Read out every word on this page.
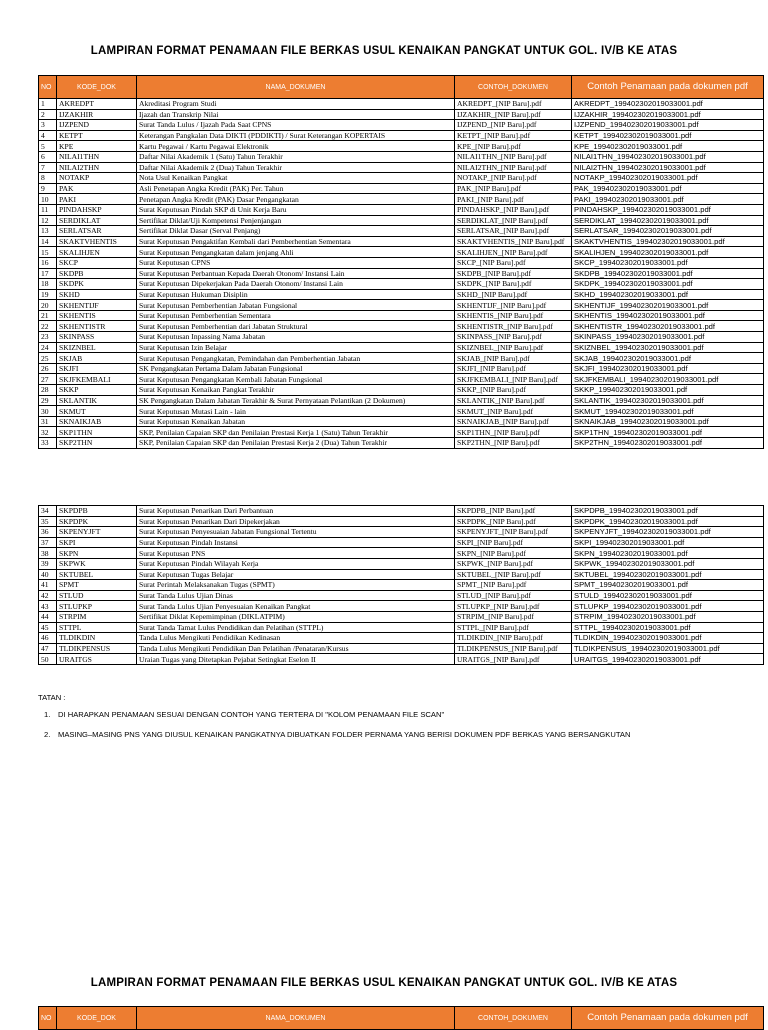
LAMPIRAN FORMAT PENAMAAN FILE BERKAS USUL KENAIKAN PANGKAT UNTUK GOL. IV/B KE ATAS
NO	KODE_DOK	NAMA_DOKUMEN	CONTOH_DOKUMEN	Contoh Penamaan pada dokumen pdf
1	AKREDPT	Akreditasi Program Studi	AKREDPT_[NIP Baru].pdf	AKREDPT_199402302019033001.pdf
2	IJZAKHIR	Ijazah dan Transkrip Nilai	IJZAKHIR_[NIP Baru].pdf	IJZAKHIR_199402302019033001.pdf
3	IJZPEND	Surat Tanda Lulus / Ijazah Pada Saat CPNS	IJZPEND_[NIP Baru].pdf	IJZPEND_199402302019033001.pdf
4	KETPT	Keterangan Pangkalan Data DIKTI (PDDIKTI) / Surat Keterangan KOPERTAIS	KETPT_[NIP Baru].pdf	KETPT_199402302019033001.pdf
5	KPE	Kartu Pegawai / Kartu Pegawai Elektronik	KPE_[NIP Baru].pdf	KPE_199402302019033001.pdf
6	NILAI1THN	Daftar Nilai Akademik 1 (Satu) Tahun Terakhir	NILAI1THN_[NIP Baru].pdf	NILAI1THN_199402302019033001.pdf
7	NILAI2THN	Daftar Nilai Akademik 2 (Dua) Tahun Terakhir	NILAI2THN_[NIP Baru].pdf	NILAI2THN_199402302019033001.pdf
8	NOTAKP	Nota Usul Kenaikan Pangkat	NOTAKP_[NIP Baru].pdf	NOTAKP_199402302019033001.pdf
9	PAK	Asli Penetapan Angka Kredit (PAK) Per. Tahun	PAK_[NIP Baru].pdf	PAK_199402302019033001.pdf
10	PAKI	Penetapan Angka Kredit (PAK) Dasar Pengangkatan	PAKI_[NIP Baru].pdf	PAKI_199402302019033001.pdf
11	PINDAHSKP	Surat Keputusan Pindah SKP di Unit Kerja Baru	PINDAHSKP_[NIP Baru].pdf	PINDAHSKP_199402302019033001.pdf
12	SERDIKLAT	Sertifikat Diklat/Uji Kompetensi Penjenjangan	SERDIKLAT_[NIP Baru].pdf	SERDIKLAT_199402302019033001.pdf
13	SERLATSAR	Sertifikat Diklat Dasar (Serval Penjang)	SERLATSAR_[NIP Baru].pdf	SERLATSAR_199402302019033001.pdf
14	SKAKTVHENTIS	Surat Keputusan Pengaktifan Kembali dari Pemberhentian Sementara	SKAKTVHENTIS_[NIP Baru].pdf	SKAKTVHENTIS_199402302019033001.pdf
15	SKALIHJEN	Surat Keputusan Pengangkatan dalam jenjang Ahli	SKALIHJEN_[NIP Baru].pdf	SKALIHJEN_199402302019033001.pdf
16	SKCP	Surat Keputusan CPNS	SKCP_[NIP Baru].pdf	SKCP_199402302019033001.pdf
17	SKDPB	Surat Keputusan Perbantuan Kepada Daerah Otonom/ Instansi Lain	SKDPB_[NIP Baru].pdf	SKDPB_199402302019033001.pdf
18	SKDPK	Surat Keputusan Dipekerjakan Pada Daerah Otonom/ Instansi Lain	SKDPK_[NIP Baru].pdf	SKDPK_199402302019033001.pdf
19	SKHD	Surat Keputusan Hukuman Disiplin	SKHD_[NIP Baru].pdf	SKHD_199402302019033001.pdf
20	SKHENTIJF	Surat Keputusan Pemberhentian Jabatan Fungsional	SKHENTIJF_[NIP Baru].pdf	SKHENTIJF_199402302019033001.pdf
21	SKHENTIS	Surat Keputusan Pemberhentian Sementara	SKHENTIS_[NIP Baru].pdf	SKHENTIS_199402302019033001.pdf
22	SKHENTISTR	Surat Keputusan Pemberhentian dari Jabatan Struktural	SKHENTISTR_[NIP Baru].pdf	SKHENTISTR_199402302019033001.pdf
23	SKINPASS	Surat Keputusan Inpassing Nama Jabatan	SKINPASS_[NIP Baru].pdf	SKINPASS_199402302019033001.pdf
24	SKIZNBEL	Surat Keputusan Izin Belajar	SKIZNBEL_[NIP Baru].pdf	SKIZNBEL_199402302019033001.pdf
25	SKJAB	Surat Keputusan Pengangkatan, Pemindahan dan Pemberhentian Jabatan	SKJAB_[NIP Baru].pdf	SKJAB_199402302019033001.pdf
26	SKJFI	SK Pengangkatan Pertama Dalam Jabatan Fungsional	SKJFI_[NIP Baru].pdf	SKJFI_199402302019033001.pdf
27	SKJFKEMBALI	Surat Keputusan Pengangkatan Kembali Jabatan Fungsional	SKJFKEMBALI_[NIP Baru].pdf	SKJFKEMBALI_199402302019033001.pdf
28	SKKP	Surat Keputusan Kenaikan Pangkat Terakhir	SKKP_[NIP Baru].pdf	SKKP_199402302019033001.pdf
29	SKLANTIK	SK Pengangkatan Dalam Jabatan Terakhir & Surat Pernyataan Pelantikan (2 Dokumen)	SKLANTIK_[NIP Baru].pdf	SKLANTIK_199402302019033001.pdf
30	SKMUT	Surat Keputusan Mutasi Lain - lain	SKMUT_[NIP Baru].pdf	SKMUT_199402302019033001.pdf
31	SKNAIKJAB	Surat Keputusan Kenaikan Jabatan	SKNAIKJAB_[NIP Baru].pdf	SKNAIKJAB_199402302019033001.pdf
32	SKP1THN	SKP, Penilaian Capaian SKP dan Penilaian Prestasi Kerja 1 (Satu) Tahun Terakhir	SKP1THN_[NIP Baru].pdf	SKP1THN_199402302019033001.pdf
33	SKP2THN	SKP, Penilaian Capaian SKP dan Penilaian Prestasi Kerja 2 (Dua) Tahun Terakhir	SKP2THN_[NIP Baru].pdf	SKP2THN_199402302019033001.pdf
34	SKPDPB	Surat Keputusan Penarikan Dari Perbantuan	SKPDPB_[NIP Baru].pdf	SKPDPB_199402302019033001.pdf
35	SKPDPK	Surat Keputusan Penarikan Dari Dipekerjakan	SKPDPK_[NIP Baru].pdf	SKPDPK_199402302019033001.pdf
36	SKPENYJFT	Surat Keputusan Penyesuaian Jabatan Fungsional Tertentu	SKPENYJFT_[NIP Baru].pdf	SKPENYJFT_199402302019033001.pdf
37	SKPI	Surat Keputusan Pindah Instansi	SKPI_[NIP Baru].pdf	SKPI_199402302019033001.pdf
38	SKPN	Surat Keputusan PNS	SKPN_[NIP Baru].pdf	SKPN_199402302019033001.pdf
39	SKPWK	Surat Keputusan Pindah Wilayah Kerja	SKPWK_[NIP Baru].pdf	SKPWK_199402302019033001.pdf
40	SKTUBEL	Surat Keputusan Tugas Belajar	SKTUBEL_[NIP Baru].pdf	SKTUBEL_199402302019033001.pdf
41	SPMT	Surat Perintah Melaksanakan Tugas (SPMT)	SPMT_[NIP Baru].pdf	SPMT_199402302019033001.pdf
42	STLUD	Surat Tanda Lulus Ujian Dinas	STLUD_[NIP Baru].pdf	STULD_199402302019033001.pdf
43	STLUPKP	Surat Tanda Lulus Ujian Penyesuaian Kenaikan Pangkat	STLUPKP_[NIP Baru].pdf	STLUPKP_199402302019033001.pdf
44	STRPIM	Sertifikat Diklat Kepemimpinan (DIKLATPIM)	STRPIM_[NIP Baru].pdf	STRPIM_199402302019033001.pdf
45	STTPL	Surat Tanda Tamat Lulus Pendidikan dan Pelatihan (STTPL)	STTPL_[NIP Baru].pdf	STTPL_199402302019033001.pdf
46	TLDIKDIN	Tanda Lulus Mengikuti Pendidikan Kedinasan	TLDIKDIN_[NIP Baru].pdf	TLDIKDIN_199402302019033001.pdf
47	TLDIKPENSUS	Tanda Lulus Mengikuti Pendidikan Dan Pelatihan /Penataran/Kursus	TLDIKPENSUS_[NIP Baru].pdf	TLDIKPENSUS_199402302019033001.pdf
50	URAITGS	Uraian Tugas yang Ditetapkan Pejabat Setingkat Eselon II	URAITGS_[NIP Baru].pdf	URAITGS_199402302019033001.pdf
TATAN :
1. DI HARAPKAN PENAMAAN SESUAI DENGAN CONTOH YANG TERTERA DI "KOLOM PENAMAAN FILE SCAN"
2. MASING–MASING PNS YANG DIUSUL KENAIKAN PANGKATNYA DIBUATKAN FOLDER PERNAMA YANG BERISI DOKUMEN PDF BERKAS YANG BERSANGKUTAN
LAMPIRAN FORMAT PENAMAAN FILE BERKAS USUL KENAIKAN PANGKAT UNTUK GOL. IV/B KE ATAS
NO	KODE_DOK	NAMA_DOKUMEN	CONTOH_DOKUMEN	Contoh Penamaan pada dokumen pdf
